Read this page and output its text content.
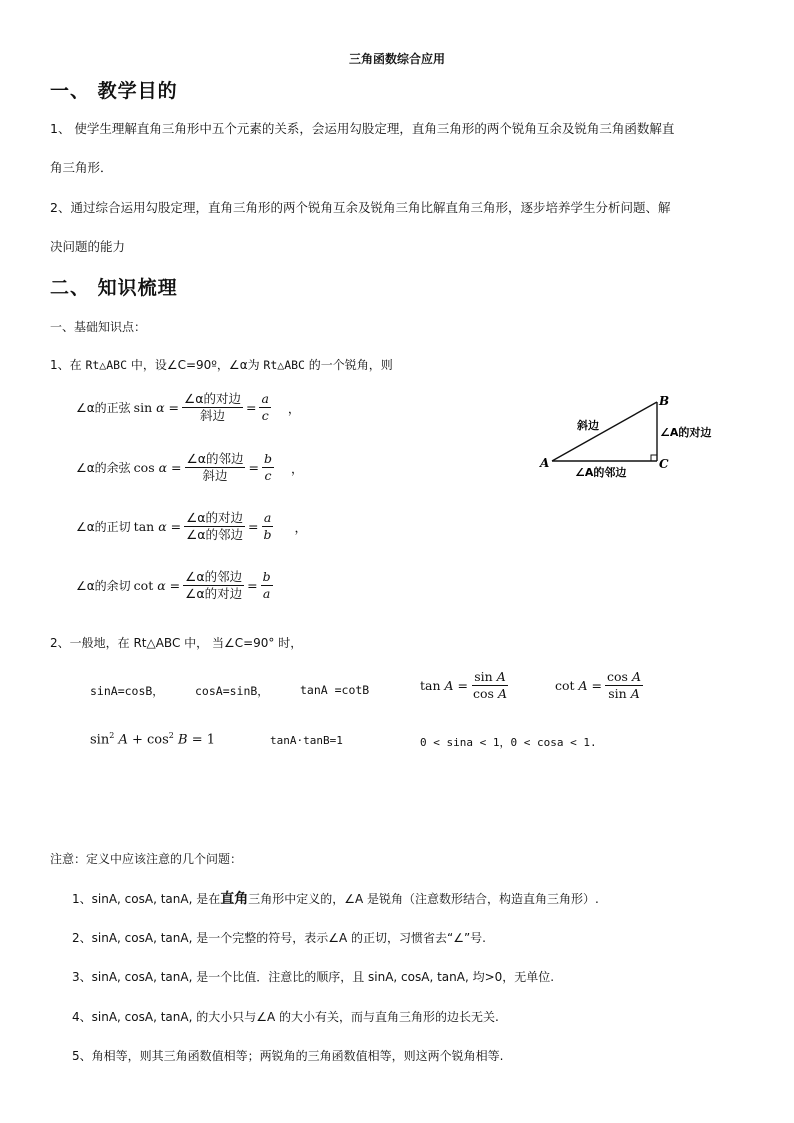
三角函数综合应用
一、 教学目的
1、 使学生理解直角三角形中五个元素的关系，会运用勾股定理，直角三角形的两个锐角互余及锐角三角函数解直
角三角形．
2、通过综合运用勾股定理，直角三角形的两个锐角互余及锐角三角比解直角三角形，逐步培养学生分析问题、解
决问题的能力
二、 知识梳理
一、基础知识点：
1、在 Rt△ABC 中，设∠C=90º，∠α为 Rt△ABC 的一个锐角，则
∠α的正弦 sin
$\alpha = \frac{\text{∠α的对边}}{\text{斜边}} = \frac{a}{c}$ ，
∠α的余弦 cos
$\alpha = \frac{\text{∠α的邻边}}{\text{斜边}} = \frac{b}{c}$ ，
∠α的正切 tan
$\alpha = \frac{\text{∠α的对边}}{\text{∠α的邻边}} = \frac{a}{b}$ ，
∠α的余切 cot
$\alpha = \frac{\text{∠α的邻边}}{\text{∠α的对边}} = \frac{b}{a}$
B
A	C
斜边
∠A的对边
∠A的邻边
2、一般地，在 Rt△ABC 中， 当∠C=90° 时，
sinA=cosB，	cosA=sinB，	tanA =cotB	tan
$A = \frac{\text{sin A}}{\text{cos A}}$	cot
$A = \frac{\text{cos A}}{\text{sin A}}$
$\sin^2 A + \cos^2 B = 1$	tanA·tanB=1	0 < sina < 1，0 < cosa < 1.
注意：定义中应该注意的几个问题：
1、sinA, cosA, tanA, 是在直角三角形中定义的，∠A 是锐角（注意数形结合，构造直角三角形）.
2、sinA, cosA, tanA, 是一个完整的符号，表示∠A 的正切，习惯省去“∠”号.
3、sinA, cosA, tanA, 是一个比值．注意比的顺序，且 sinA, cosA, tanA, 均>0，无单位.
4、sinA, cosA, tanA, 的大小只与∠A 的大小有关，而与直角三角形的边长无关.
5、角相等，则其三角函数值相等；两锐角的三角函数值相等，则这两个锐角相等.
